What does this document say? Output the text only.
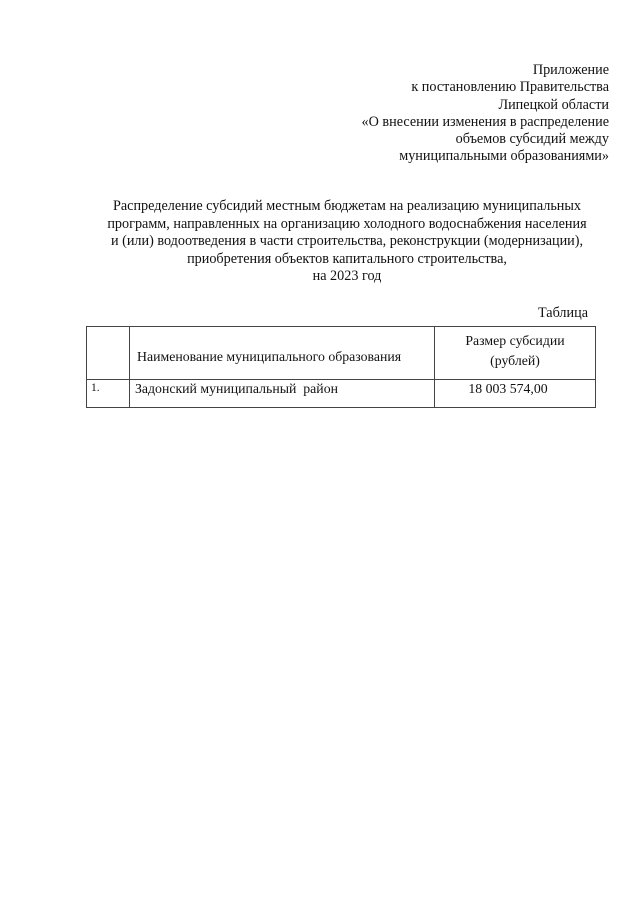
Приложение
к постановлению Правительства
Липецкой области
«О внесении изменения в распределение
объемов субсидий между
муниципальными образованиями»
Распределение субсидий местным бюджетам на реализацию муниципальных
программ, направленных на организацию холодного водоснабжения населения
и (или) водоотведения в части строительства, реконструкции (модернизации),
приобретения объектов капитального строительства,
на 2023 год
Таблица
	Наименование муниципального образования	Размер субсидии
(рублей)

1.	Задонский муниципальный  район	18 003 574,00
